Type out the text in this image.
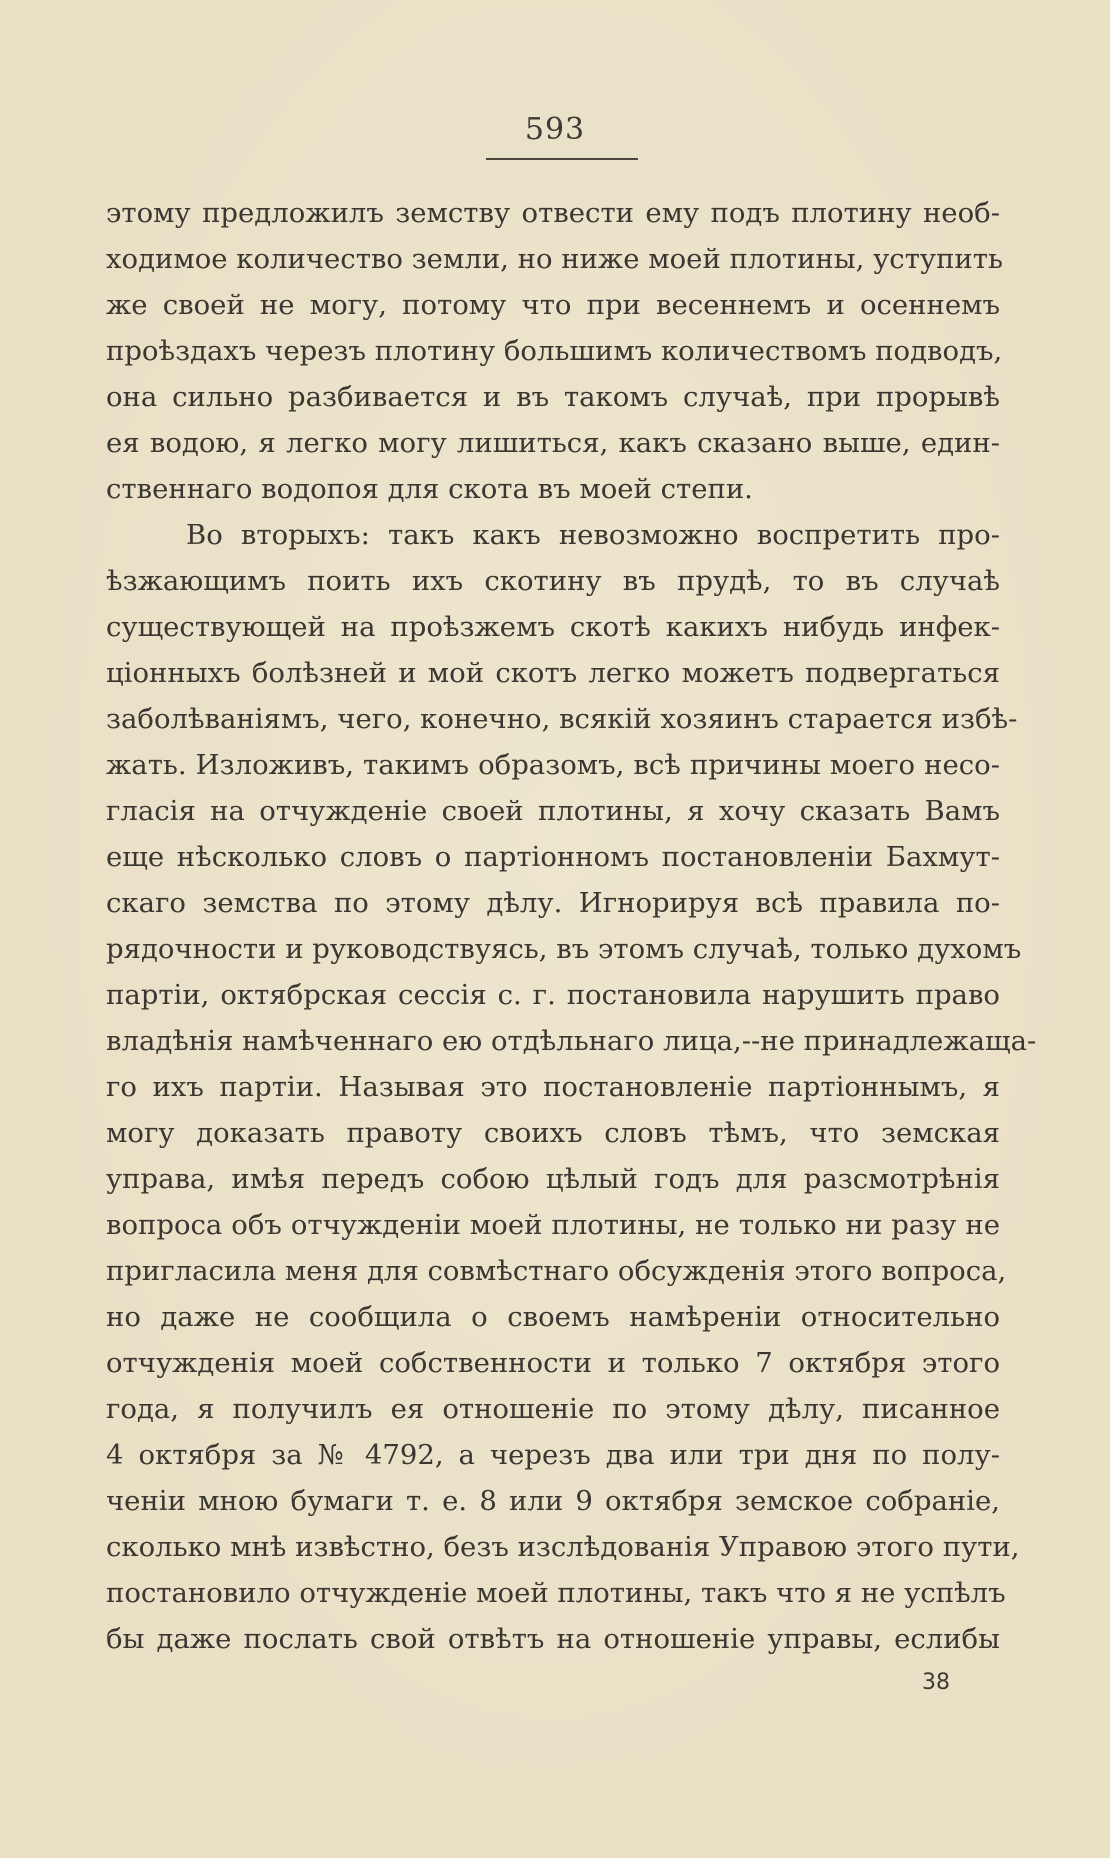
593
этому предложилъ земству отвести ему подъ плотину необ-
ходимое количество земли, но ниже моей плотины, уступить
же своей не могу, потому что при весеннемъ и осеннемъ
проѣздахъ черезъ плотину большимъ количествомъ подводъ,
она сильно разбивается и въ такомъ случаѣ, при прорывѣ
ея водою, я легко могу лишиться, какъ сказано выше, един-
ственнаго водопоя для скота въ моей степи.
Во вторыхъ: такъ какъ невозможно воспретить про-
ѣзжающимъ поить ихъ скотину въ прудѣ, то въ случаѣ
существующей на проѣзжемъ скотѣ какихъ нибудь инфек-
ціонныхъ болѣзней и мой скотъ легко можетъ подвергаться
заболѣваніямъ, чего, конечно, всякій хозяинъ старается избѣ-
жать. Изложивъ, такимъ образомъ, всѣ причины моего несо-
гласія на отчужденіе своей плотины, я хочу сказать Вамъ
еще нѣсколько словъ о партіонномъ постановленіи Бахмут-
скаго земства по этому дѣлу. Игнорируя всѣ правила по-
рядочности и руководствуясь, въ этомъ случаѣ, только духомъ
партіи, октябрская сессія с. г. постановила нарушить право
владѣнія намѣченнаго ею отдѣльнаго лица,--не принадлежаща-
го ихъ партіи. Называя это постановленіе партіоннымъ, я
могу доказать правоту своихъ словъ тѣмъ, что земская
управа, имѣя передъ собою цѣлый годъ для разсмотрѣнія
вопроса объ отчужденіи моей плотины, не только ни разу не
пригласила меня для совмѣстнаго обсужденія этого вопроса,
но даже не сообщила о своемъ намѣреніи относительно
отчужденія моей собственности и только 7 октября этого
года, я получилъ ея отношеніе по этому дѣлу, писанное
4 октября за № 4792, а черезъ два или три дня по полу-
ченіи мною бумаги т. е. 8 или 9 октября земское собраніе,
сколько мнѣ извѣстно, безъ изслѣдованія Управою этого пути,
постановило отчужденіе моей плотины, такъ что я не успѣлъ
бы даже послать свой отвѣтъ на отношеніе управы, еслибы
38
